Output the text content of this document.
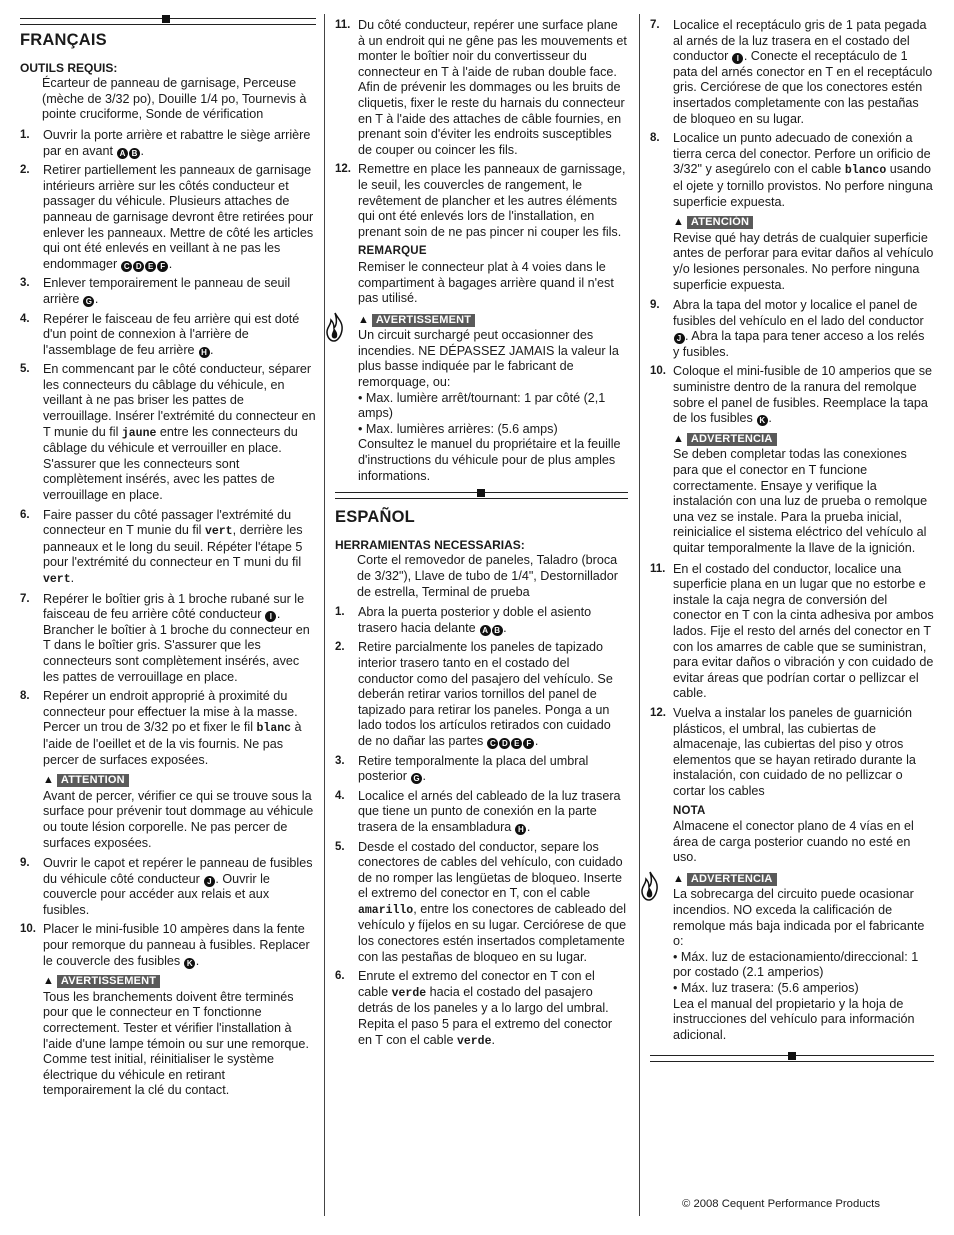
FRANÇAIS
OUTILS REQUIS:
Écarteur de panneau de garnisage, Perceuse (mèche de 3/32 po), Douille 1/4 po, Tournevis à pointe cruciforme, Sonde de vérification
1.	Ouvrir la porte arrière et rabattre le siège arrière par en avant A B .
2.	Retirer partiellement les panneaux de garnisage intérieurs arrière sur les côtés conducteur et passager du véhicule. Plusieurs attaches de panneau de garnisage devront être retirées pour enlever les panneaux. Mettre de côté les articles qui ont été enlevés en veillant à ne pas les endommager C D E F .
3.	Enlever temporairement le panneau de seuil arrière G .
4.	Repérer le faisceau de feu arrière qui est doté d'un point de connexion à l'arrière de l'assemblage de feu arrière H .
5.	En commencant par le côté conducteur, séparer les connecteurs du câblage du véhicule, en veillant à ne pas briser les pattes de verrouillage. Insérer l'extrémité du connecteur en T munie du fil jaune entre les connecteurs du câblage du véhicule et verrouiller en place. S'assurer que les connecteurs sont complètement insérés, avec les pattes de verrouillage en place.
6.	Faire passer du côté passager l'extrémité du connecteur en T munie du fil vert, derrière les panneaux et le long du seuil. Répéter l'étape 5 pour l'extrémité du connecteur en T muni du fil vert.
7.	Repérer le boîtier gris à 1 broche rubané sur le faisceau de feu arrière côté conducteur I . Brancher le boîtier à 1 broche du connecteur en T dans le boîtier gris. S'assurer que les connecteurs sont complètement insérés, avec les pattes de verrouillage en place.
8.	Repérer un endroit approprié à proximité du connecteur pour effectuer la mise à la masse. Percer un trou de 3/32 po et fixer le fil blanc à l'aide de l'oeillet et de la vis fournis. Ne pas percer de surfaces exposées.
▲ ATTENTION
Avant de percer, vérifier ce qui se trouve sous la surface pour prévenir tout dommage au véhicule ou toute lésion corporelle. Ne pas percer de surfaces exposées.
9.	Ouvrir le capot et repérer le panneau de fusibles du véhicule côté conducteur J . Ouvrir le couvercle pour accéder aux relais et aux fusibles.
10. Placer le mini-fusible 10 ampères dans la fente pour remorque du panneau à fusibles. Replacer le couvercle des fusibles K .
▲ AVERTISSEMENT
Tous les branchements doivent être terminés pour que le connecteur en T fonctionne correctement. Tester et vérifier l'installation à l'aide d'une lampe témoin ou sur une remorque. Comme test initial, réinitialiser le système électrique du véhicule en retirant temporairement la clé du contact.
11. Du côté conducteur, repérer une surface plane à un endroit qui ne gêne pas les mouvements et monter le boîtier noir du convertisseur du connecteur en T à l'aide de ruban double face. Afin de prévenir les dommages ou les bruits de cliquetis, fixer le reste du harnais du connecteur en T à l'aide des attaches de câble fournies, en prenant soin d'éviter les endroits susceptibles de couper ou coincer les fils.
12. Remettre en place les panneaux de garnissage, le seuil, les couvercles de rangement, le revêtement de plancher et les autres éléments qui ont été enlevés lors de l'installation, en prenant soin de ne pas pincer ni couper les fils.
REMARQUE
Remiser le connecteur plat à 4 voies dans le compartiment à bagages arrière quand il n'est pas utilisé.
▲ AVERTISSEMENT
Un circuit surchargé peut occasionner des incendies. NE DÉPASSEZ JAMAIS la valeur la plus basse indiquée par le fabricant de remorquage, ou:
• Max. lumière arrêt/tournant: 1 par côté (2,1 amps)
• Max. lumières arrières: (5.6 amps)
Consultez le manuel du propriétaire et la feuille d'instructions du véhicule pour de plus amples informations.
ESPAÑOL
HERRAMIENTAS NECESSARIAS:
Corte el removedor de paneles, Taladro (broca de 3/32"), Llave de tubo de 1/4", Destornillador de estrella, Terminal de prueba
1.	Abra la puerta posterior y doble el asiento trasero hacia delante A B .
2.	Retire parcialmente los paneles de tapizado interior trasero tanto en el costado del conductor como del pasajero del vehículo. Se deberán retirar varios tornillos del panel de tapizado para retirar los paneles. Ponga a un lado todos los artículos retirados con cuidado de no dañar las partes C D E F .
3.	Retire temporalmente la placa del umbral posterior G .
4.	Localice el arnés del cableado de la luz trasera que tiene un punto de conexión en la parte trasera de la ensambladura H .
5.	Desde el costado del conductor, separe los conectores de cables del vehículo, con cuidado de no romper las lengüetas de bloqueo. Inserte el extremo del conector en T, con el cable amarillo, entre los conectores de cableado del vehículo y fíjelos en su lugar. Cerciórese de que los conectores estén insertados completamente con las pestañas de bloqueo en su lugar.
6.	Enrute el extremo del conector en T con el cable verde hacia el costado del pasajero detrás de los paneles y a lo largo del umbral. Repita el paso 5 para el extremo del conector en T con el cable verde.
7.	Localice el receptáculo gris de 1 pata pegada al arnés de la luz trasera en el costado del conductor I . Conecte el receptáculo de 1 pata del arnés conector en T en el receptáculo gris. Cerciórese de que los conectores estén insertados completamente con las pestañas de bloqueo en su lugar.
8.	Localice un punto adecuado de conexión a tierra cerca del conector. Perfore un orificio de 3/32" y asegúrelo con el cable blanco usando el ojete y tornillo provistos. No perfore ninguna superficie expuesta.
▲ ATENCIÓN
Revise qué hay detrás de cualquier superficie antes de perforar para evitar daños al vehículo y/o lesiones personales. No perfore ninguna superficie expuesta.
9.	Abra la tapa del motor y localice el panel de fusibles del vehículo en el lado del conductor J . Abra la tapa para tener acceso a los relés y fusibles.
10. Coloque el mini-fusible de 10 amperios que se suministre dentro de la ranura del remolque sobre el panel de fusibles. Reemplace la tapa de los fusibles K .
▲ ADVERTENCIA
Se deben completar todas las conexiones para que el conector en T funcione correctamente. Ensaye y verifique la instalación con una luz de prueba o remolque una vez se instale. Para la prueba inicial, reinicialice el sistema eléctrico del vehículo al quitar temporalmente la llave de la ignición.
11. En el costado del conductor, localice una superficie plana en un lugar que no estorbe e instale la caja negra de conversión del conector en T con la cinta adhesiva por ambos lados. Fije el resto del arnés del conector en T con los amarres de cable que se suministran, para evitar daños o vibración y con cuidado de evitar áreas que podrían cortar o pellizcar el cable.
12. Vuelva a instalar los paneles de guarnición plásticos, el umbral, las cubiertas de almacenaje, las cubiertas del piso y otros elementos que se hayan retirado durante la instalación, con cuidado de no pellizcar o cortar los cables
NOTA
Almacene el conector plano de 4 vías en el área de carga posterior cuando no esté en uso.
▲ ADVERTENCIA
La sobrecarga del circuito puede ocasionar incendios. NO exceda la calificación de remolque más baja indicada por el fabricante o:
• Máx. luz de estacionamiento/direccional: 1 por costado (2.1 amperios)
• Máx. luz trasera: (5.6 amperios)
Lea el manual del propietario y la hoja de instrucciones del vehículo para información adicional.
© 2008 Cequent Performance Products
